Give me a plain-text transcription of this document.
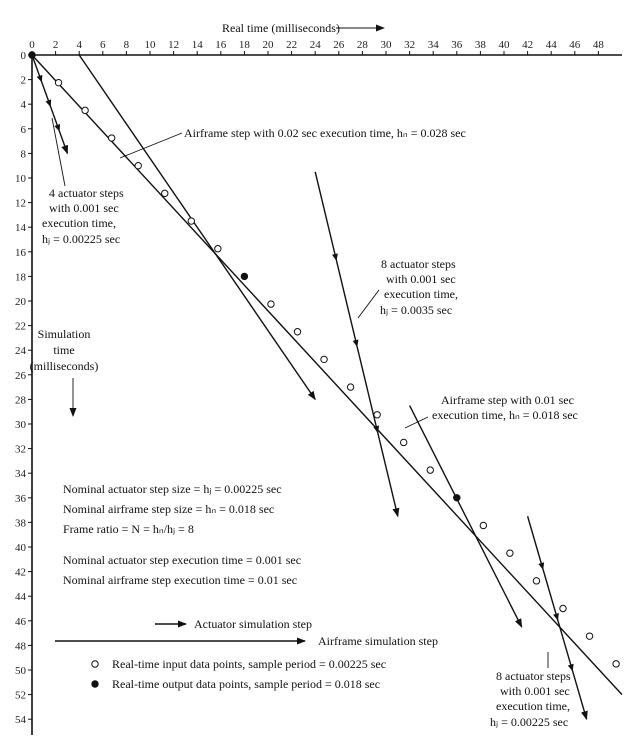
Real time (milliseconds)
0 2 4 6 8 10 12 14 16 18 20 22 24 26 28 30 32 34 36 38 40 42 44 46 48
0
2
4
6
8
10
12
14
16
18
20
22
24
26
28
30
32
34
36
38
40
42
44
46
48
50
52
54
Simulation
time
(milliseconds)
Airframe step with 0.02 sec execution time, hₙ = 0.028 sec
4 actuator steps
with 0.001 sec
execution time,
hⱼ = 0.00225 sec
8 actuator steps
with 0.001 sec
execution time,
hⱼ = 0.0035 sec
Airframe step with 0.01 sec
execution time, hₙ = 0.018 sec
Nominal actuator step size = hⱼ = 0.00225 sec
Nominal airframe step size = hₙ = 0.018 sec
Frame ratio = N = hₙ/hⱼ = 8
Nominal actuator step execution time = 0.001 sec
Nominal airframe step execution time = 0.01 sec
Actuator simulation step
Airframe simulation step
Real-time input data points, sample period = 0.00225 sec
Real-time output data points, sample period = 0.018 sec
8 actuator steps
with 0.001 sec
execution time,
hⱼ = 0.00225 sec
